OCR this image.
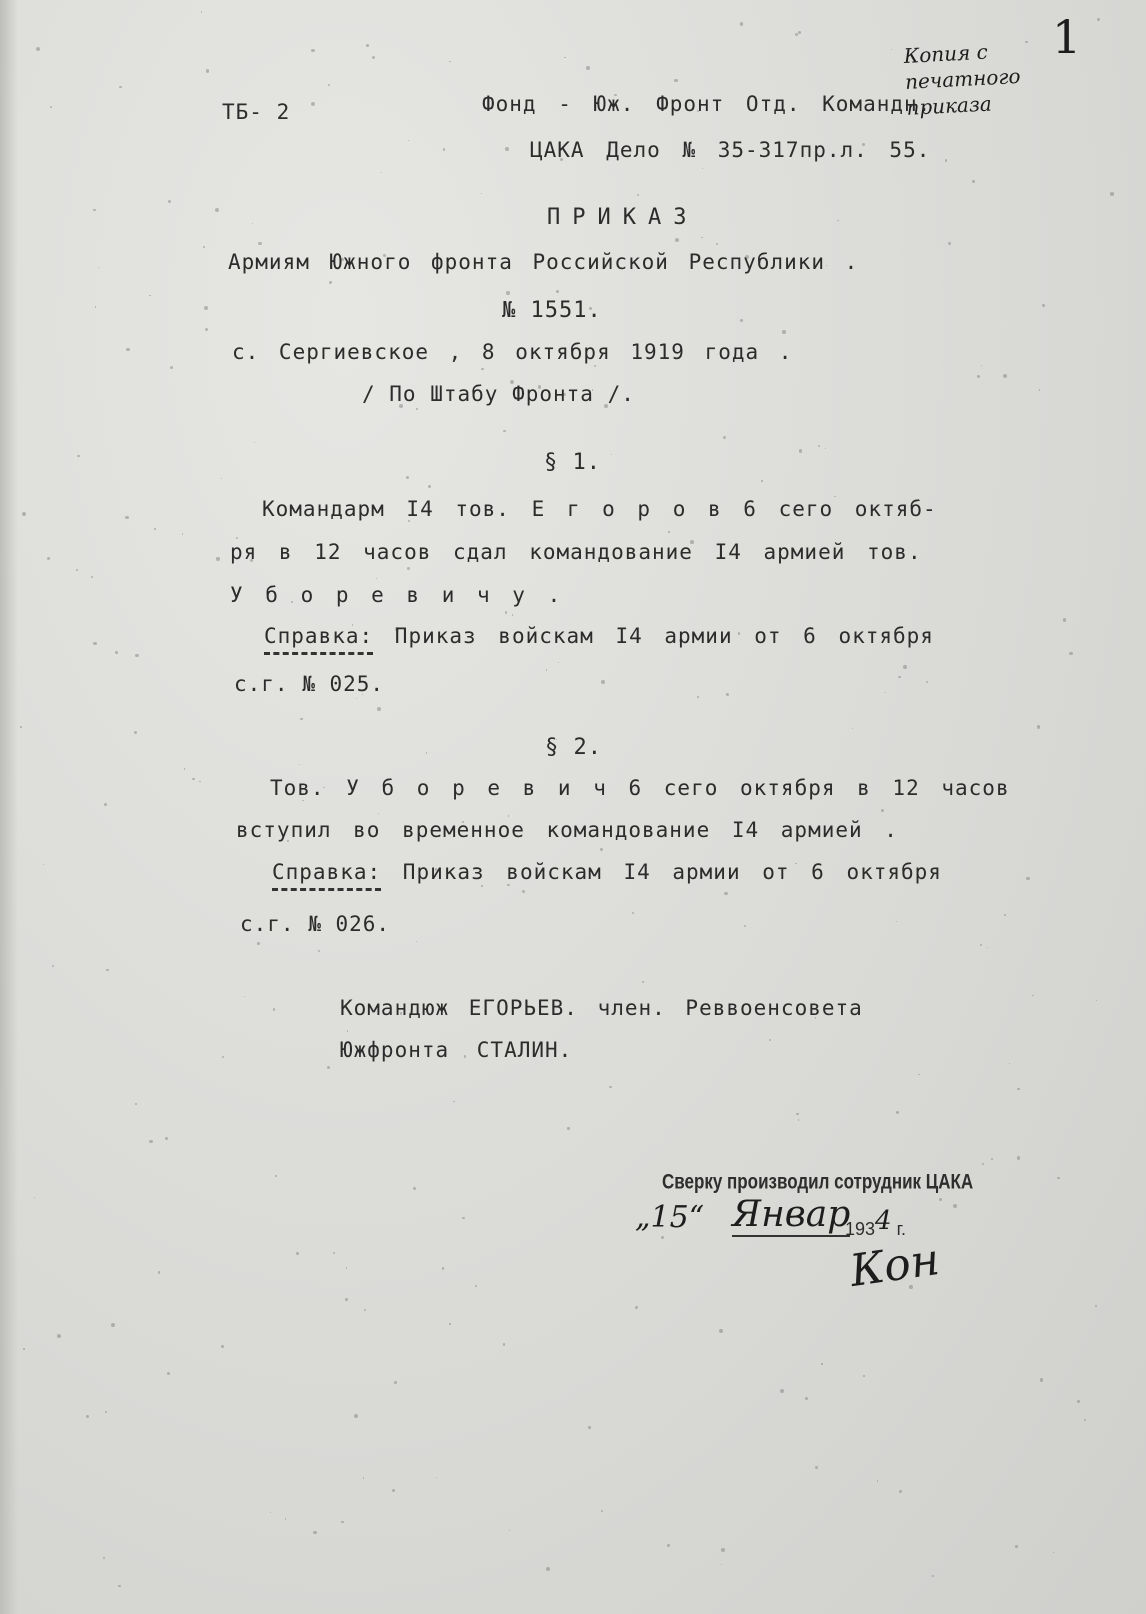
Копия с печатного приказа
1
ТБ- 2	Фонд - Юж. Фронт Отд. Командн.
ЦАКА Дело № 35-317пр.л. 55.
ПРИКАЗ
Армиям Южного фронта Российской Республики .
№ 1551.
с. Сергиевское , 8 октября 1919 года .
/ По Штабу Фронта /.
§ 1.
Командарм I4 тов. Е г о р о в 6 сего октяб-
ря в 12 часов сдал командование I4 армией тов.
У б о р е в и ч у .
Справка: Приказ войскам I4 армии от 6 октября
с.г. № 025.
§ 2.
Тов. У б о р е в и ч 6 сего октября в 12 часов
вступил во временное командование I4 армией .
Справка: Приказ войскам I4 армии от 6 октября
с.г. № 026.
Командюж ЕГОРЬЕВ. член. Реввоенсовета
Южфронта СТАЛИН.
Сверку производил сотрудник ЦАКА
„15“ Январ
1934 г.
Кон
